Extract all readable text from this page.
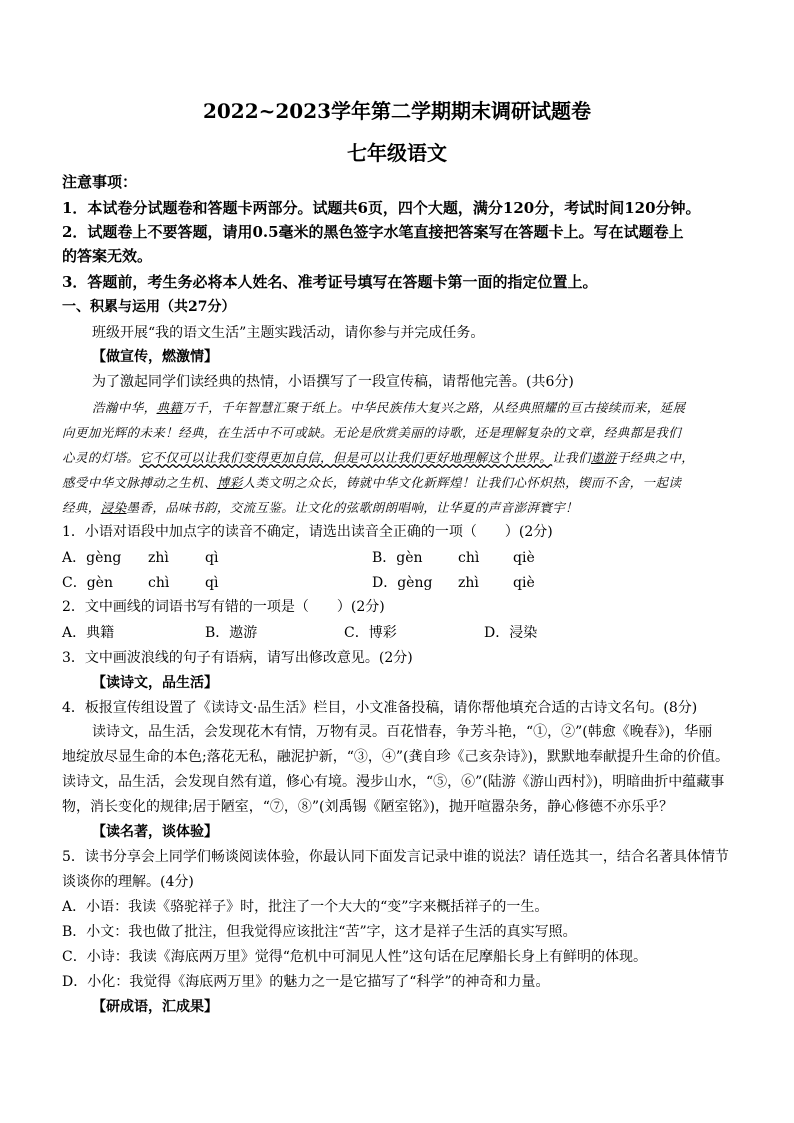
2022~2023学年第二学期期末调研试题卷
七年级语文
注意事项：
1．本试卷分试题卷和答题卡两部分。试题共6页，四个大题，满分120分，考试时间120分钟。
2．试题卷上不要答题，请用0.5毫米的黑色签字水笔直接把答案写在答题卡上。写在试题卷上
的答案无效。
3．答题前，考生务必将本人姓名、准考证号填写在答题卡第一面的指定位置上。
一、积累与运用（共27分）
班级开展“我的语文生活”主题实践活动，请你参与并完成任务。
【做宣传，燃激情】
为了激起同学们读经典的热情，小语撰写了一段宣传稿，请帮他完善。(共6分)
浩瀚中华，典籍万千，千年智慧汇聚于纸上。中华民族伟大复兴之路，从经典照耀的亘古接续而来，延展
向更加光辉的未来！经典，在生活中不可或缺。无论是欣赏美丽的诗歌，还是理解复杂的文章，经典都是我们
心灵的灯塔。它不仅可以让我们变得更加自信，但是可以让我们更好地理解这个世界。让我们遨游于经典之中，
感受中华文脉搏动之生机、博彩人类文明之众长，铸就中华文化新辉煌！让我们心怀炽热，锲而不舍，一起读
经典，浸染墨香，品味书韵，交流互鉴。让文化的弦歌朗朗唱响，让华夏的声音澎湃寰宇！
1．小语对语段中加点字的读音不确定，请选出读音全正确的一项（　　）(2分)
A．gèng zhì	qì	B．gèn	chì qiè
C．gèn	chì	qì	D．gèng zhì qiè
2．文中画线的词语书写有错的一项是（　　）(2分)
A．典籍	B．遨游	C．博彩	D．浸染
3．文中画波浪线的句子有语病，请写出修改意见。(2分)
【读诗文，品生活】
4．板报宣传组设置了《读诗文·品生活》栏目，小文准备投稿，请你帮他填充合适的古诗文名句。(8分)
读诗文，品生活，会发现花木有情，万物有灵。百花惜春，争芳斗艳，“①，②”(韩愈《晚春》)，华丽
地绽放尽显生命的本色;落花无私，融泥护新，“③，④”(龚自珍《己亥杂诗》)，默默地奉献提升生命的价值。
读诗文，品生活，会发现自然有道，修心有境。漫步山水，“⑤，⑥”(陆游《游山西村》)，明暗曲折中蕴藏事
物，消长变化的规律;居于陋室，“⑦，⑧”(刘禹锡《陋室铭》)，抛开喧嚣杂务，静心修德不亦乐乎？
【读名著，谈体验】
5．读书分享会上同学们畅谈阅读体验，你最认同下面发言记录中谁的说法？请任选其一，结合名著具体情节
谈谈你的理解。(4分)
A．小语：我读《骆驼祥子》时，批注了一个大大的“变”字来概括祥子的一生。
B．小文：我也做了批注，但我觉得应该批注“苦”字，这才是祥子生活的真实写照。
C．小诗：我读《海底两万里》觉得“危机中可洞见人性”这句话在尼摩船长身上有鲜明的体现。
D．小化：我觉得《海底两万里》的魅力之一是它描写了“科学”的神奇和力量。
【研成语，汇成果】
